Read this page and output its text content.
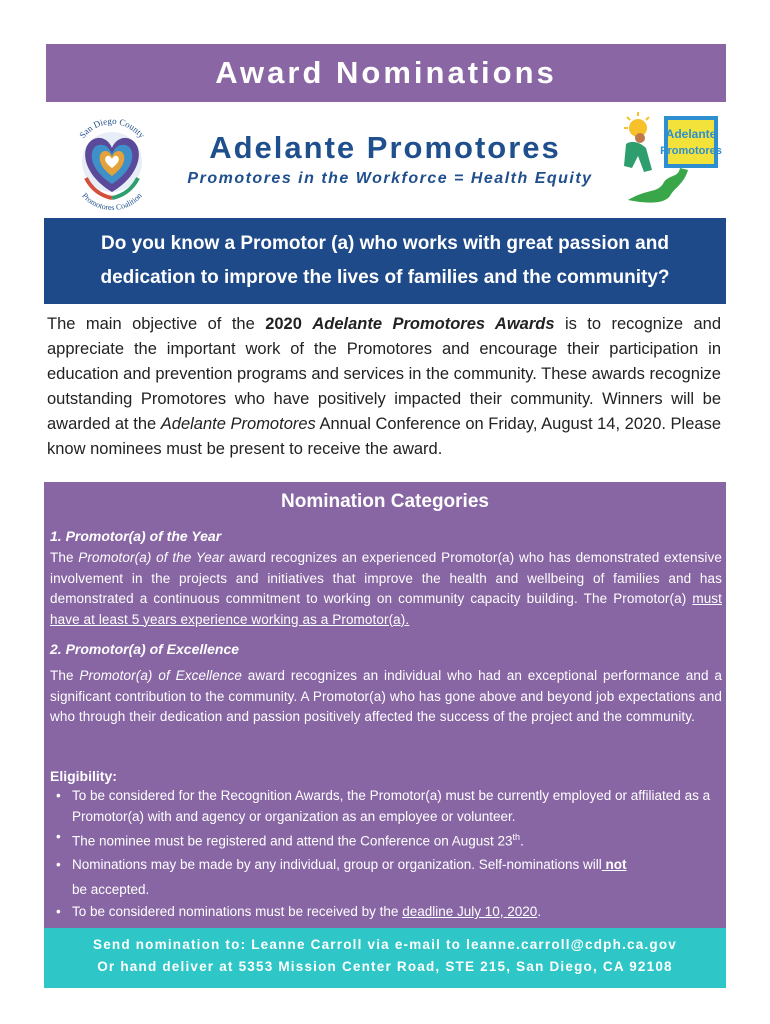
Award Nominations
San Diego County
Promotores Coalition
Adelante Promotores
Promotores in the Workforce = Health Equity
Adelante
Promotores
Do you know a Promotor (a) who works with great passion and dedication to improve the lives of families and the community?
The main objective of the 2020 Adelante Promotores Awards is to recognize and appreciate the important work of the Promotores and encourage their participation in education and prevention programs and services in the community. These awards recognize outstanding Promotores who have positively impacted their community. Winners will be awarded at the Adelante Promotores Annual Conference on Friday, August 14, 2020. Please know nominees must be present to receive the award.
Nomination Categories
1. Promotor(a) of the Year
The Promotor(a) of the Year award recognizes an experienced Promotor(a) who has demonstrated extensive involvement in the projects and initiatives that improve the health and wellbeing of families and has demonstrated a continuous commitment to working on community capacity building. The Promotor(a) must have at least 5 years experience working as a Promotor(a).
2. Promotor(a) of Excellence
The Promotor(a) of Excellence award recognizes an individual who had an exceptional performance and a significant contribution to the community. A Promotor(a) who has gone above and beyond job expectations and who through their dedication and passion positively affected the success of the project and the community.
Eligibility:
• To be considered for the Recognition Awards, the Promotor(a) must be currently employed or affiliated as a Promotor(a) with and agency or organization as an employee or volunteer.
• The nominee must be registered and attend the Conference on August 23th.
• Nominations may be made by any individual, group or organization. Self-nominations will not
be accepted.
• To be considered nominations must be received by the deadline July 10, 2020.
Send nomination to: Leanne Carroll via e-mail to leanne.carroll@cdph.ca.gov
Or hand deliver at 5353 Mission Center Road, STE 215, San Diego, CA 92108
